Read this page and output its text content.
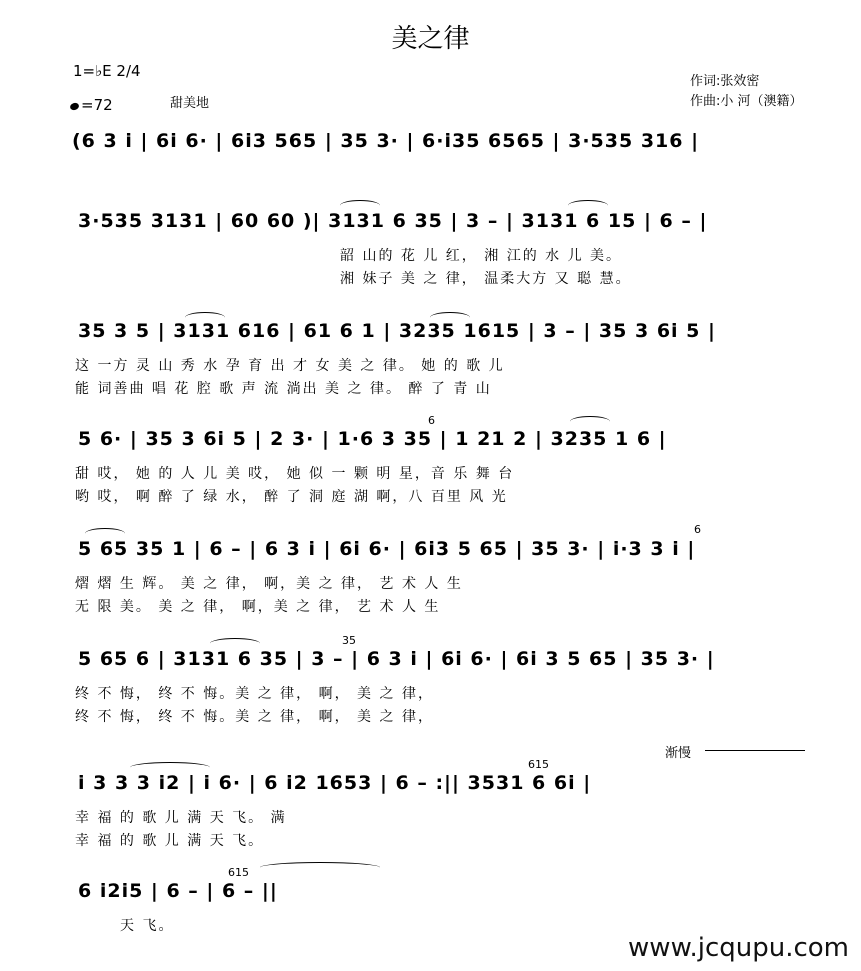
美之律
1=♭E 2/4
=72	甜美地
作词:张效密
作曲:小 河（澳籍）
(6 3 i | 6i 6· | 6i3 565 | 35 3· | 6·i35 6565 | 3·535 316 |
3·535 3131 | 60 60 )| 3131 6 35 | 3 – | 3131 6 15 | 6 – |
韶 山的 花 儿 红， 湘 江的 水 儿 美。
湘 妹子 美 之 律， 温柔大方 又 聪 慧。
35 3 5 | 3131 616 | 61 6 1 | 3235 1615 | 3 – | 35 3 6i 5 |
这 一方 灵 山 秀 水 孕 育 出 才 女 美 之 律。 她 的 歌 儿
能 词善曲 唱 花 腔 歌 声 流 淌出 美 之 律。 醉 了 青 山
6
5 6· | 35 3 6i 5 | 2 3· | 1·6 3 35 | 1 21 2 | 3235 1 6 |
甜 哎， 她 的 人 儿 美 哎， 她 似 一 颗 明 星，音 乐 舞 台
哟 哎， 啊 醉 了 绿 水， 醉 了 洞 庭 湖 啊，八 百里 风 光
6
5 65 35 1 | 6 – | 6 3 i | 6i 6· | 6i3 5 65 | 35 3· | i·3 3 i |
熠 熠 生 辉。 美 之 律， 啊，美 之 律， 艺 术 人 生
无 限 美。 美 之 律， 啊，美 之 律， 艺 术 人 生
35
5 65 6 | 3131 6 35 | 3 – | 6 3 i | 6i 6· | 6i 3 5 65 | 35 3· |
终 不 悔， 终 不 悔。美 之 律， 啊， 美 之 律，
终 不 悔， 终 不 悔。美 之 律， 啊， 美 之 律，
渐慢
615
i 3 3 3 i2 | i 6· | 6 i2 1653 | 6 – :|| 3531 6 6i |
幸 福 的 歌 儿 满 天 飞。 满
幸 福 的 歌 儿 满 天 飞。
615
6 i2i5 | 6 – | 6 – ||
天 飞。
www.jcqupu.com
